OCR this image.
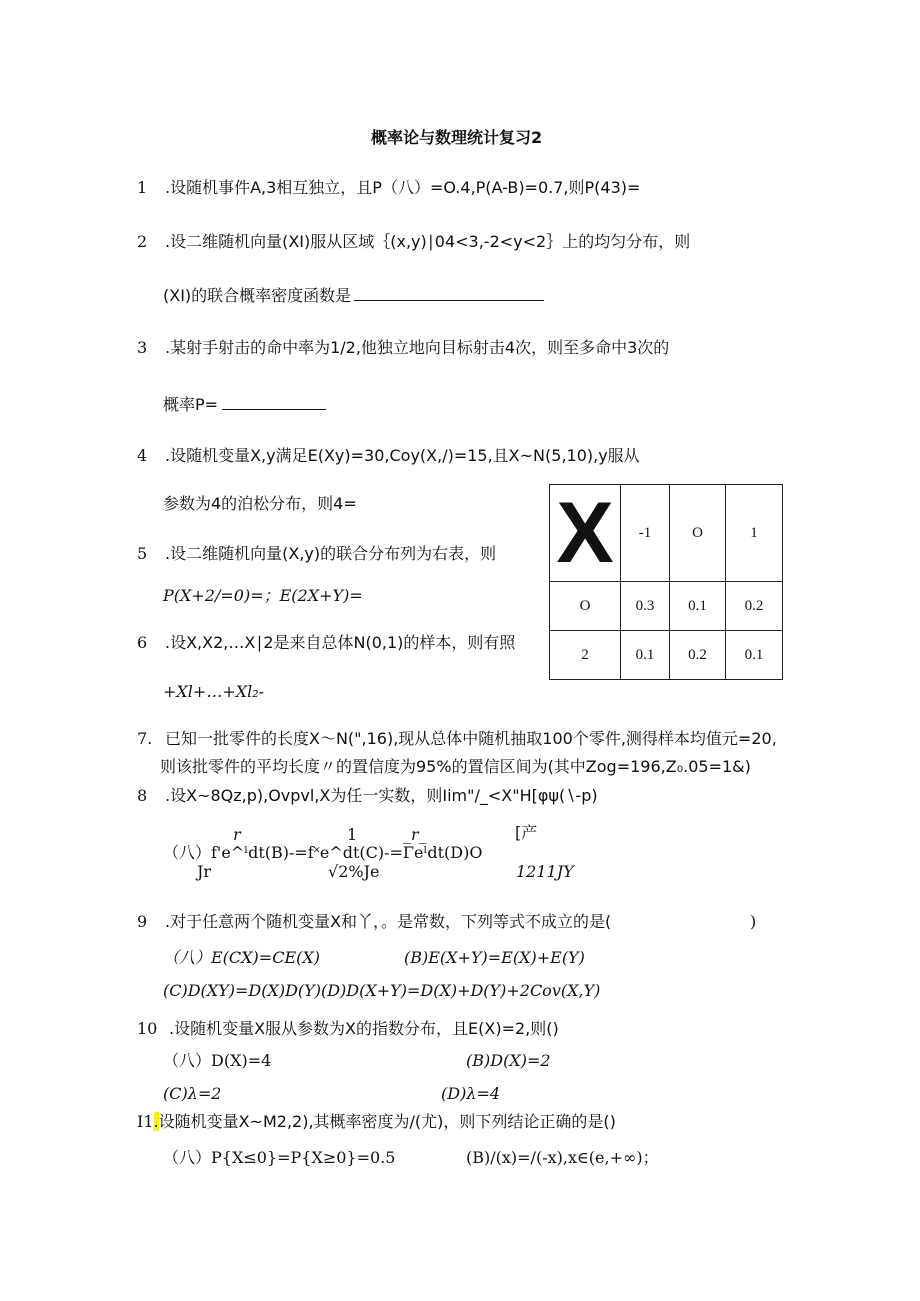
概率论与数理统计复习2
1 .设随机事件A,3相互独立，且P（八）=O.4,P(A-B)=0.7,则P(43)=
2 .设二维随机向量(XI)服从区域｛(x,y)∣04<3,-2<y<2｝上的均匀分布，则
(XI)的联合概率密度函数是
3 .某射手射击的命中率为1/2,他独立地向目标射击4次，则至多命中3次的
概率P=
4 .设随机变量X,y满足E(Xy)=30,Coy(X,/)=15,且X~N(5,10),y服从
参数为4的泊松分布，则4=
5 .设二维随机向量(X,y)的联合分布列为右表，则
P(X+2/=0)=；E(2X+Y)=
6 .设X,X2,…X∣2是来自总体N(0,1)的样本，则有照
+Xl+…+Xl₂-
X	-1	O	1
O	0.3	0.1	0.2
2	0.1	0.2	0.1
7. 已知一批零件的长度X～N(",16),现从总体中随机抽取100个零件,测得样本均值元=20,
则该批零件的平均长度〃的置信度为95%的置信区间为(其中Zog=196,Z₀.05=1&)
8 .设X~8Qz,p),Ovpvl,X为任一实数，则Iim"/_<X"H[φψ(∖-p)
r	1	_r_	[产
（八）f'e^ˡdt(B)-=f˟e^dt(C)-=Γeˡdt(D)O
Jr	√2%Je	1211JY
9 .对于任意两个随机变量X和丫，。是常数，下列等式不成立的是(	)
（八）E(CX)=CE(X)	(B)E(X+Y)=E(X)+E(Y)
(C)D(XY)=D(X)D(Y)(D)D(X+Y)=D(X)+D(Y)+2Cov(X,Y)
10 .设随机变量X服从参数为X的指数分布，且E(X)=2,则()
（八）D(X)=4	(B)D(X)=2
(C)λ=2	(D)λ=4
I1.设随机变量X~M2,2),其概率密度为/(尤)，则下列结论正确的是()
（八）P{X≤0}=P{X≥0}=0.5	(B)/(x)=/(-x),x∈(e,+∞)；
